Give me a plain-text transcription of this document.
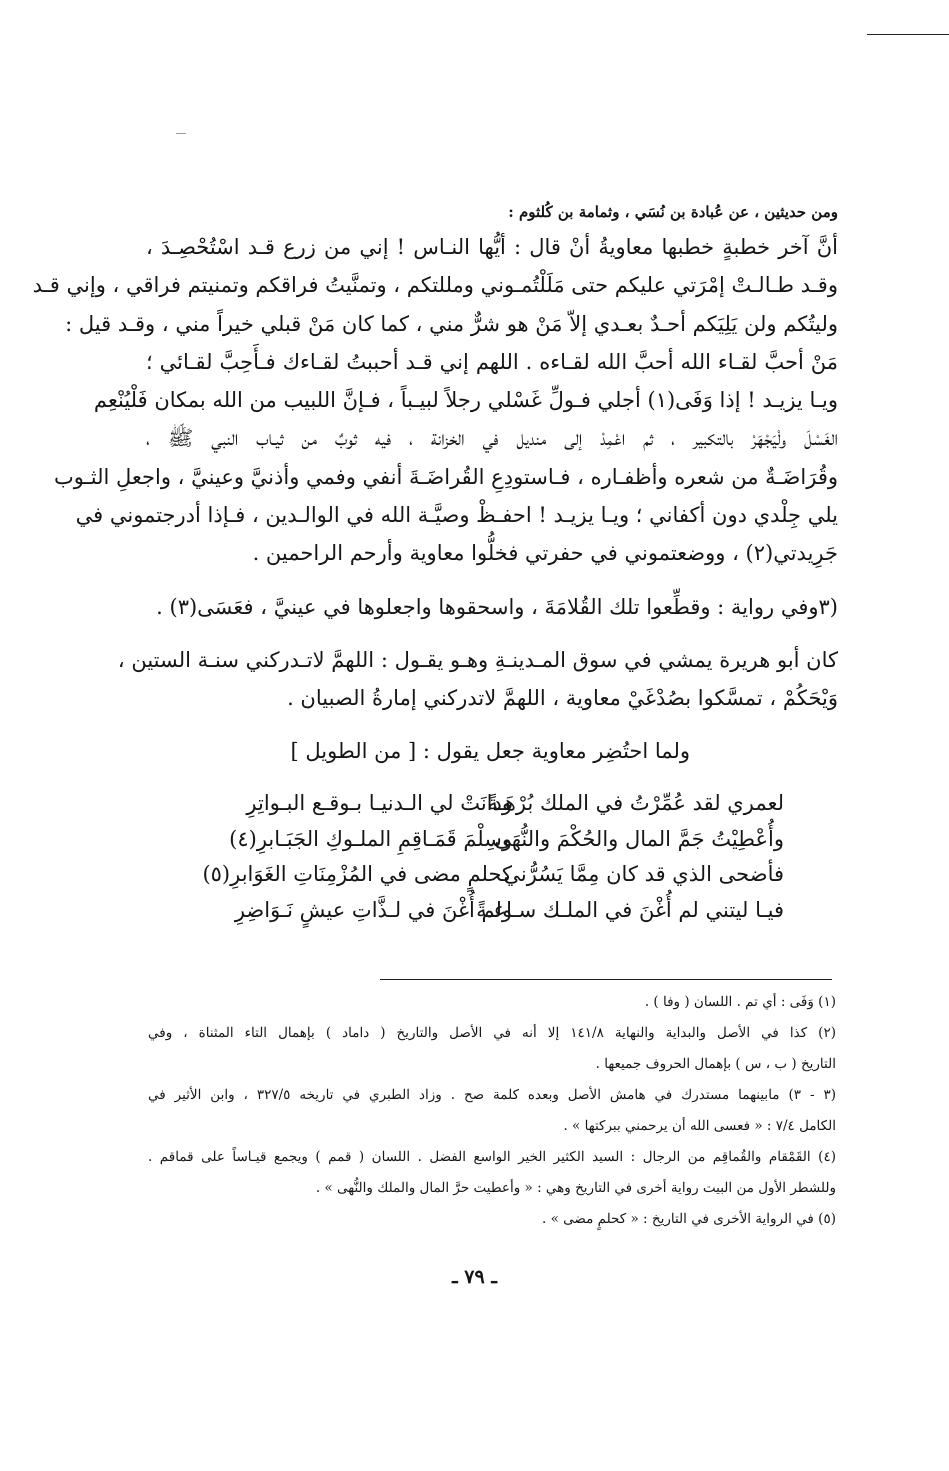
ومن حديثين ، عن عُبادة بن نُسَي ، وثمامة بن كُلثوم :

أنَّ آخر خطبةٍ خطبها معاويةُ أنْ قال : أيُّها النـاس ! إني من زرع قـد اسْتُحْصِـدَ ،
وقـد طـالـتْ إمْرَتي عليكم حتى مَلَلْتُمـوني ومللتكم ، وتمنَّيتُ فراقكم وتمنيتم فراقي ، وإني قـد
وليتُكم ولن يَلِيَكم أحـدٌ بعـدي إلاّ مَنْ هو شرٌّ مني ، كما كان مَنْ قبلي خيراً مني ، وقـد قيل :
مَنْ أحبَّ لقـاء الله أحبَّ الله لقـاءه . اللهم إني قـد أحببتُ لقـاءك فـأَحِبَّ لقـائي ؛
ويـا يزيـد ! إذا وَفَى(١) أجلي فـولِّ غَسْلي رجلاً لبيـباً ، فـإنَّ اللبيب من الله بمكان فَلْيُنْعِم
الغَسْلَ ولْيَجْهَرْ بالتكبير ، ثم اعْمِدْ إلى منديل في الخزانة ، فيه ثوبٌ من ثيـاب النبي ﷺ ،
وقُرَاضَـةٌ من شعره وأظفـاره ، فـاستودِعِ القُراضَـةَ أنفي وفمي وأذنيَّ وعينيَّ ، واجعلِ الثـوب
يلي جِلْدي دون أكفاني ؛ ويـا يزيـد ! احفـظْ وصيَّـة الله في الوالـدين ، فـإذا أدرجتموني في
جَرِيدتي(٢) ، ووضعتموني في حفرتي فخلُّوا معاوية وأرحم الراحمين .

(٣وفي رواية : وقطِّعوا تلك القُلامَةَ ، واسحقوها واجعلوها في عينيَّ ، فعَسَى(٣) .

كان أبو هريرة يمشي في سوق المـدينـةِ وهـو يقـول : اللهمَّ لاتـدركني سنـة الستين ،
وَيْحَكُمْ ، تمسَّكوا بصُدْغَيْ معاوية ، اللهمَّ لاتدركني إمارةُ الصبيان .

ولما احتُضِر معاوية جعل يقول : [ من الطويل ]

لعمري لقد عُمِّرْتُ في الملك بُرْهَـةً
ودانَتْ لي الـدنيـا بـوقـع البـواتِرِ
وأُعْطِيْتُ جَمَّ المال والحُكْمَ والنُّهَى
وسِلْمَ قَمَـاقِمِ الملـوكِ الجَبَـابرِ(٤)
فأضحى الذي قد كان مِمَّا يَسُرُّني
كحلمٍ مضى في المُزْمِنَاتِ الغَوَابرِ(٥)
فيـا ليتني لم أُغْنَ في الملـك سـاعـةً
ولم أُغْنَ في لـذَّاتِ عيشٍ نَـوَاضِرِ

(١) وَفَى : أي تم . اللسان ( وفا ) .

(٢) كذا في الأصل والبداية والنهاية ١٤١/٨ إلا أنه في الأصل والتاريخ ( داماد ) بإهمال التاء المثناة ، وفي
التاريخ ( ب ، س ) بإهمال الحروف جميعها .

(٣ - ٣) مابينهما مستدرك في هامش الأصل وبعده كلمة صح . وزاد الطبري في تاريخه ٣٢٧/٥ ، وابن الأثير في
الكامل ٧/٤ : « فعسى الله أن يرحمني ببركتها » .

(٤) القَمْقام والقُماقِم من الرجال : السيد الكثير الخير الواسع الفضل . اللسان ( قمم ) ويجمع قيـاساً على قماقم .
وللشطر الأول من البيت رواية أخرى في التاريخ وهي : « وأعطيت حرَّ المال والملك والنُّهى » .

(٥) في الرواية الأخرى في التاريخ : « كحلمٍ مضى » .

ـ ٧٩ ـ
